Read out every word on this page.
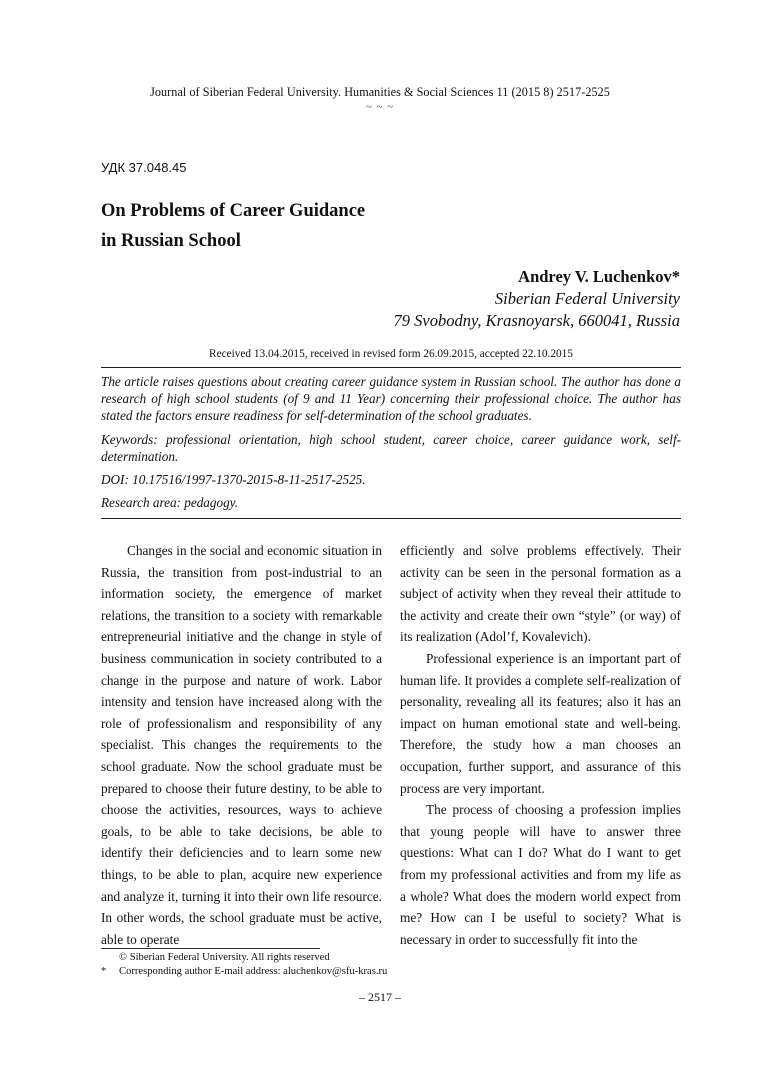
Journal of Siberian Federal University. Humanities & Social Sciences 11 (2015 8) 2517-2525
~ ~ ~
УДК 37.048.45
On Problems of Career Guidance
in Russian School
Andrey V. Luchenkov*
Siberian Federal University
79 Svobodny, Krasnoyarsk, 660041, Russia
Received 13.04.2015, received in revised form 26.09.2015, accepted 22.10.2015

The article raises questions about creating career guidance system in Russian school. The author has done a research of high school students (of 9 and 11 Year) concerning their professional choice. The author has stated the factors ensure readiness for self-determination of the school graduates.

Keywords: professional orientation, high school student, career choice, career guidance work, self-determination.

DOI: 10.17516/1997-1370-2015-8-11-2517-2525.

Research area: pedagogy.

Changes in the social and economic situation in Russia, the transition from post-industrial to an information society, the emergence of market relations, the transition to a society with remarkable entrepreneurial initiative and the change in style of business communication in society contributed to a change in the purpose and nature of work. Labor intensity and tension have increased along with the role of professionalism and responsibility of any specialist. This changes the requirements to the school graduate. Now the school graduate must be prepared to choose their future destiny, to be able to choose the activities, resources, ways to achieve goals, to be able to take decisions, be able to identify their deficiencies and to learn some new things, to be able to plan, acquire new experience and analyze it, turning it into their own life resource. In other words, the school graduate must be active, able to operate

efficiently and solve problems effectively. Their activity can be seen in the personal formation as a subject of activity when they reveal their attitude to the activity and create their own “style” (or way) of its realization (Adol’f, Kovalevich).

Professional experience is an important part of human life. It provides a complete self-realization of personality, revealing all its features; also it has an impact on human emotional state and well-being. Therefore, the study how a man chooses an occupation, further support, and assurance of this process are very important.

The process of choosing a profession implies that young people will have to answer three questions: What can I do? What do I want to get from my professional activities and from my life as a whole? What does the modern world expect from me? How can I be useful to society? What is necessary in order to successfully fit into the

© Siberian Federal University. All rights reserved
* Corresponding author E-mail address: aluchenkov@sfu-kras.ru
– 2517 –
